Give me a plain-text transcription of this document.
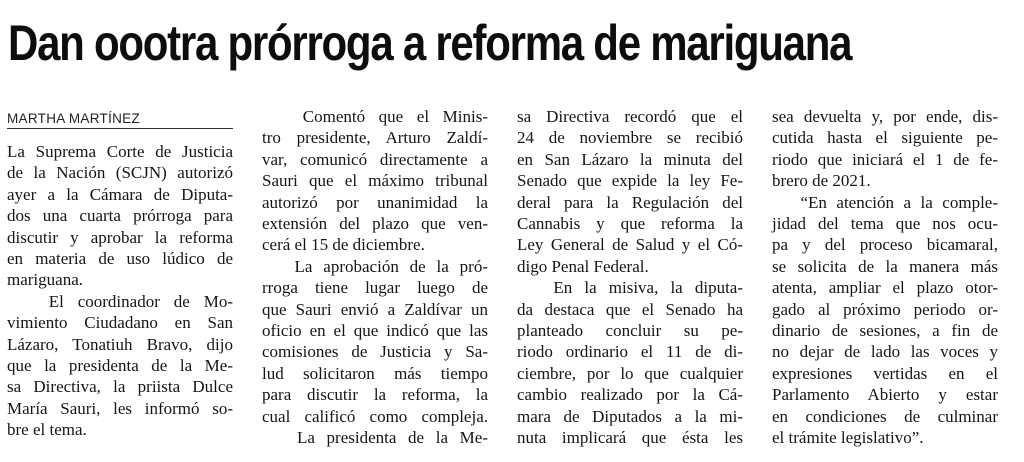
Dan oootra prórroga a reforma de mariguana
MARTHA MARTÍNEZ
La Suprema Corte de Justicia
de la Nación (SCJN) autorizó
ayer a la Cámara de Diputa-
dos una cuarta prórroga para
discutir y aprobar la reforma
en materia de uso lúdico de
mariguana.
El coordinador de Mo-
vimiento Ciudadano en San
Lázaro, Tonatiuh Bravo, dijo
que la presidenta de la Me-
sa Directiva, la priista Dulce
María Sauri, les informó so-
bre el tema.
Comentó que el Minis-
tro presidente, Arturo Zaldí-
var, comunicó directamente a
Sauri que el máximo tribunal
autorizó por unanimidad la
extensión del plazo que ven-
cerá el 15 de diciembre.
La aprobación de la pró-
rroga tiene lugar luego de
que Sauri envió a Zaldívar un
oficio en el que indicó que las
comisiones de Justicia y Sa-
lud solicitaron más tiempo
para discutir la reforma, la
cual calificó como compleja.
La presidenta de la Me-
sa Directiva recordó que el
24 de noviembre se recibió
en San Lázaro la minuta del
Senado que expide la ley Fe-
deral para la Regulación del
Cannabis y que reforma la
Ley General de Salud y el Có-
digo Penal Federal.
En la misiva, la diputa-
da destaca que el Senado ha
planteado concluir su pe-
riodo ordinario el 11 de di-
ciembre, por lo que cualquier
cambio realizado por la Cá-
mara de Diputados a la mi-
nuta implicará que ésta les
sea devuelta y, por ende, dis-
cutida hasta el siguiente pe-
riodo que iniciará el 1 de fe-
brero de 2021.
“En atención a la comple-
jidad del tema que nos ocu-
pa y del proceso bicamaral,
se solicita de la manera más
atenta, ampliar el plazo otor-
gado al próximo periodo or-
dinario de sesiones, a fin de
no dejar de lado las voces y
expresiones vertidas en el
Parlamento Abierto y estar
en condiciones de culminar
el trámite legislativo”.
